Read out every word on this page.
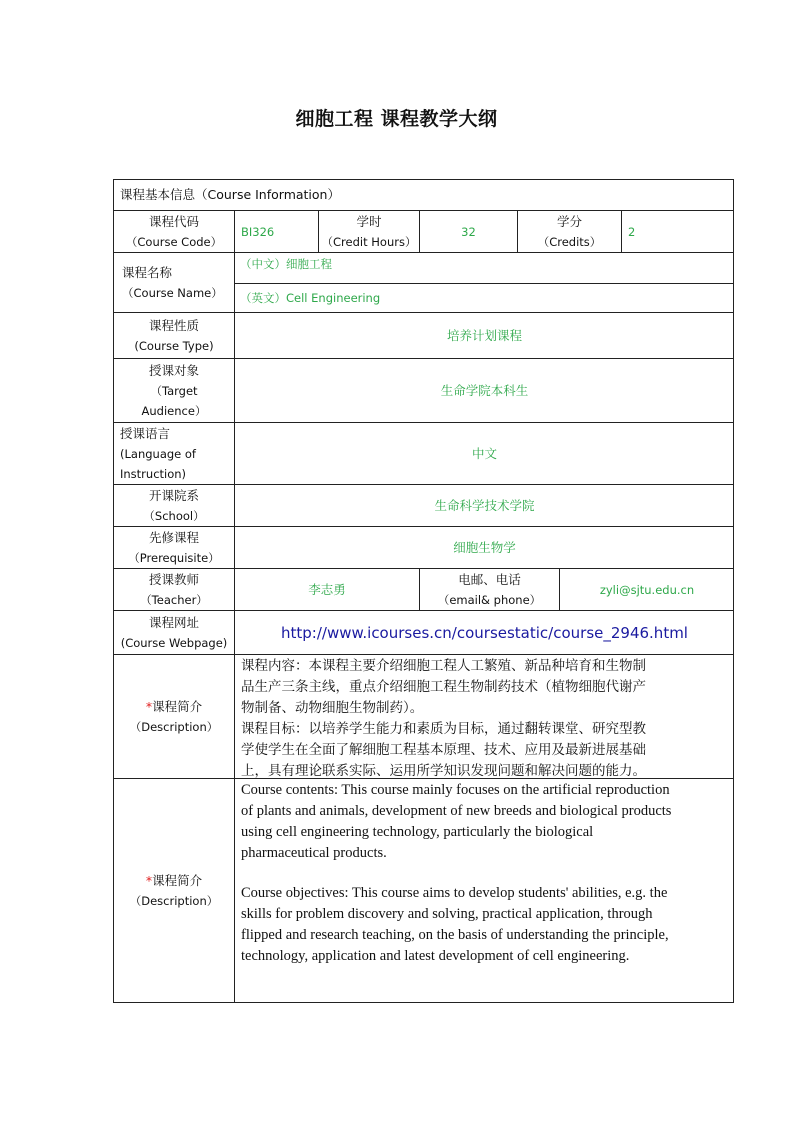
细胞工程 课程教学大纲
课程基本信息（Course Information）
课程代码
（Course Code）
BI326
学时
（Credit Hours）
32
学分
（Credits）
2
课程名称
（Course Name）
（中文）细胞工程
（英文）Cell Engineering
课程性质
(Course Type)
培养计划课程
授课对象
（Target
Audience）
生命学院本科生
授课语言
(Language of
Instruction)
中文
开课院系
（School）
生命科学技术学院
先修课程
（Prerequisite）
细胞生物学
授课教师
（Teacher）
李志勇
电邮、电话
（email& phone）
zyli@sjtu.edu.cn
课程网址
(Course Webpage)
http://www.icourses.cn/coursestatic/course_2946.html
*课程简介
（Description）
课程内容：本课程主要介绍细胞工程人工繁殖、新品种培育和生物制
品生产三条主线，重点介绍细胞工程生物制药技术（植物细胞代谢产
物制备、动物细胞生物制药）。
课程目标：以培养学生能力和素质为目标，通过翻转课堂、研究型教
学使学生在全面了解细胞工程基本原理、技术、应用及最新进展基础
上，具有理论联系实际、运用所学知识发现问题和解决问题的能力。
*课程简介
（Description）
Course contents: This course mainly focuses on the artificial reproduction
of plants and animals, development of new breeds and biological products
using cell engineering technology, particularly the biological
pharmaceutical products.
Course objectives: This course aims to develop students' abilities, e.g. the
skills for problem discovery and solving, practical application, through
flipped and research teaching, on the basis of understanding the principle,
technology, application and latest development of cell engineering.
